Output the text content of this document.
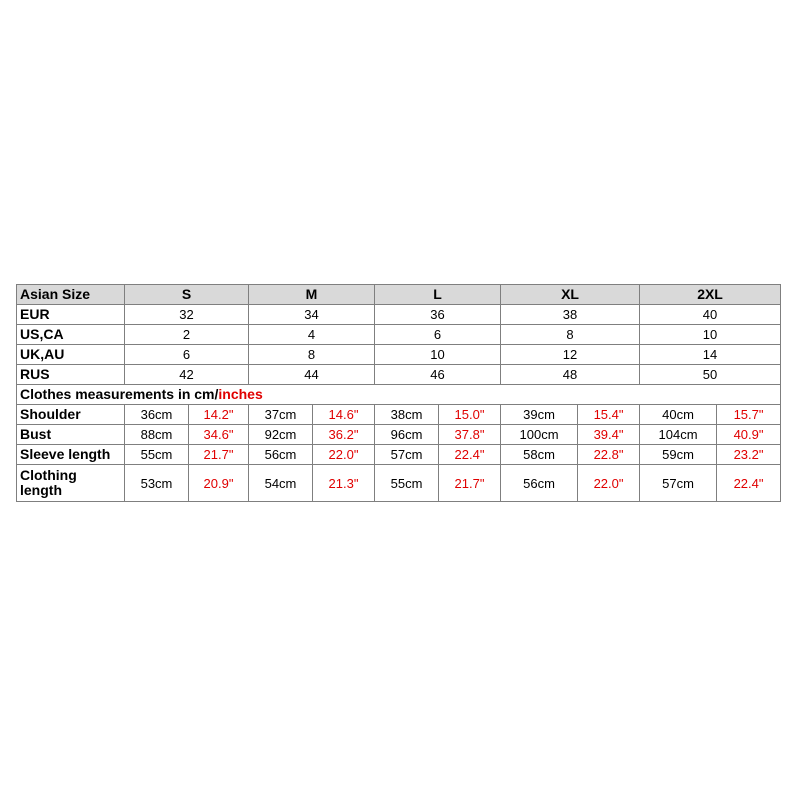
Asian Size	S		M		L		XL		2XL	
EUR	32		34		36		38		40	
US,CA	2		4		6		8		10	
UK,AU	6		8		10		12		14	
RUS	42		44		46		48		50	
Clothes measurements in cm/inches										
Shoulder	36cm	14.2"	37cm	14.6"	38cm	15.0"	39cm	15.4"	40cm	15.7"
Bust	88cm	34.6"	92cm	36.2"	96cm	37.8"	100cm	39.4"	104cm	40.9"
Sleeve length	55cm	21.7"	56cm	22.0"	57cm	22.4"	58cm	22.8"	59cm	23.2"
Clothing length	53cm	20.9"	54cm	21.3"	55cm	21.7"	56cm	22.0"	57cm	22.4"
